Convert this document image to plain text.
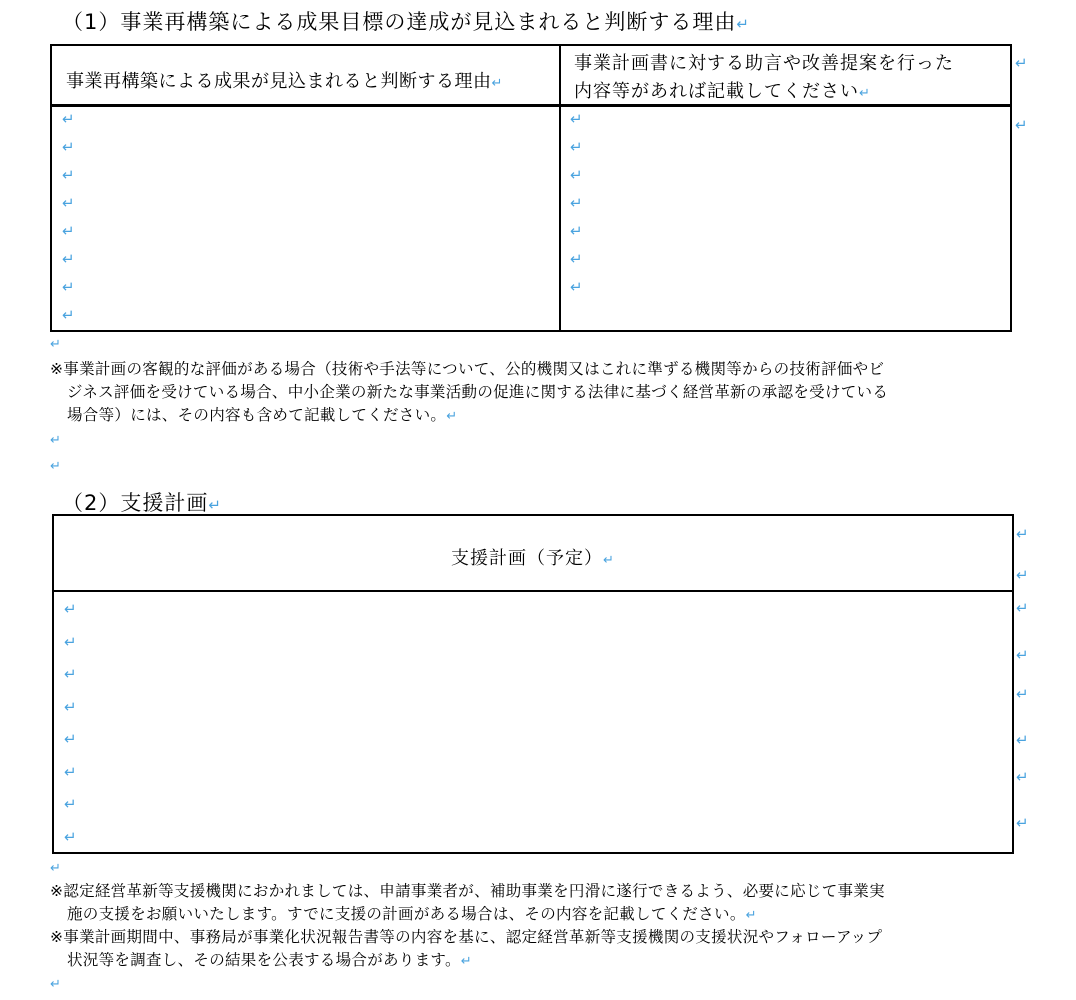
（1）事業再構築による成果目標の達成が見込まれると判断する理由↵
事業再構築による成果が見込まれると判断する理由↵
事業計画書に対する助言や改善提案を行った
内容等があれば記載してください↵
↵
↵
↵
↵
↵
↵
↵
↵
↵
↵
↵
↵
↵
↵
↵
↵
↵
↵
※事業計画の客観的な評価がある場合（技術や手法等について、公的機関又はこれに準ずる機関等からの技術評価やビ
ジネス評価を受けている場合、中小企業の新たな事業活動の促進に関する法律に基づく経営革新の承認を受けている
場合等）には、その内容も含めて記載してください。↵
↵
↵
（2）支援計画↵
支援計画（予定）↵
↵
↵
↵
↵
↵
↵
↵
↵
↵
↵
↵
↵
↵
↵
↵
↵
↵
※認定経営革新等支援機関におかれましては、申請事業者が、補助事業を円滑に遂行できるよう、必要に応じて事業実
施の支援をお願いいたします。すでに支援の計画がある場合は、その内容を記載してください。↵
※事業計画期間中、事務局が事業化状況報告書等の内容を基に、認定経営革新等支援機関の支援状況やフォローアップ
状況等を調査し、その結果を公表する場合があります。↵
↵
